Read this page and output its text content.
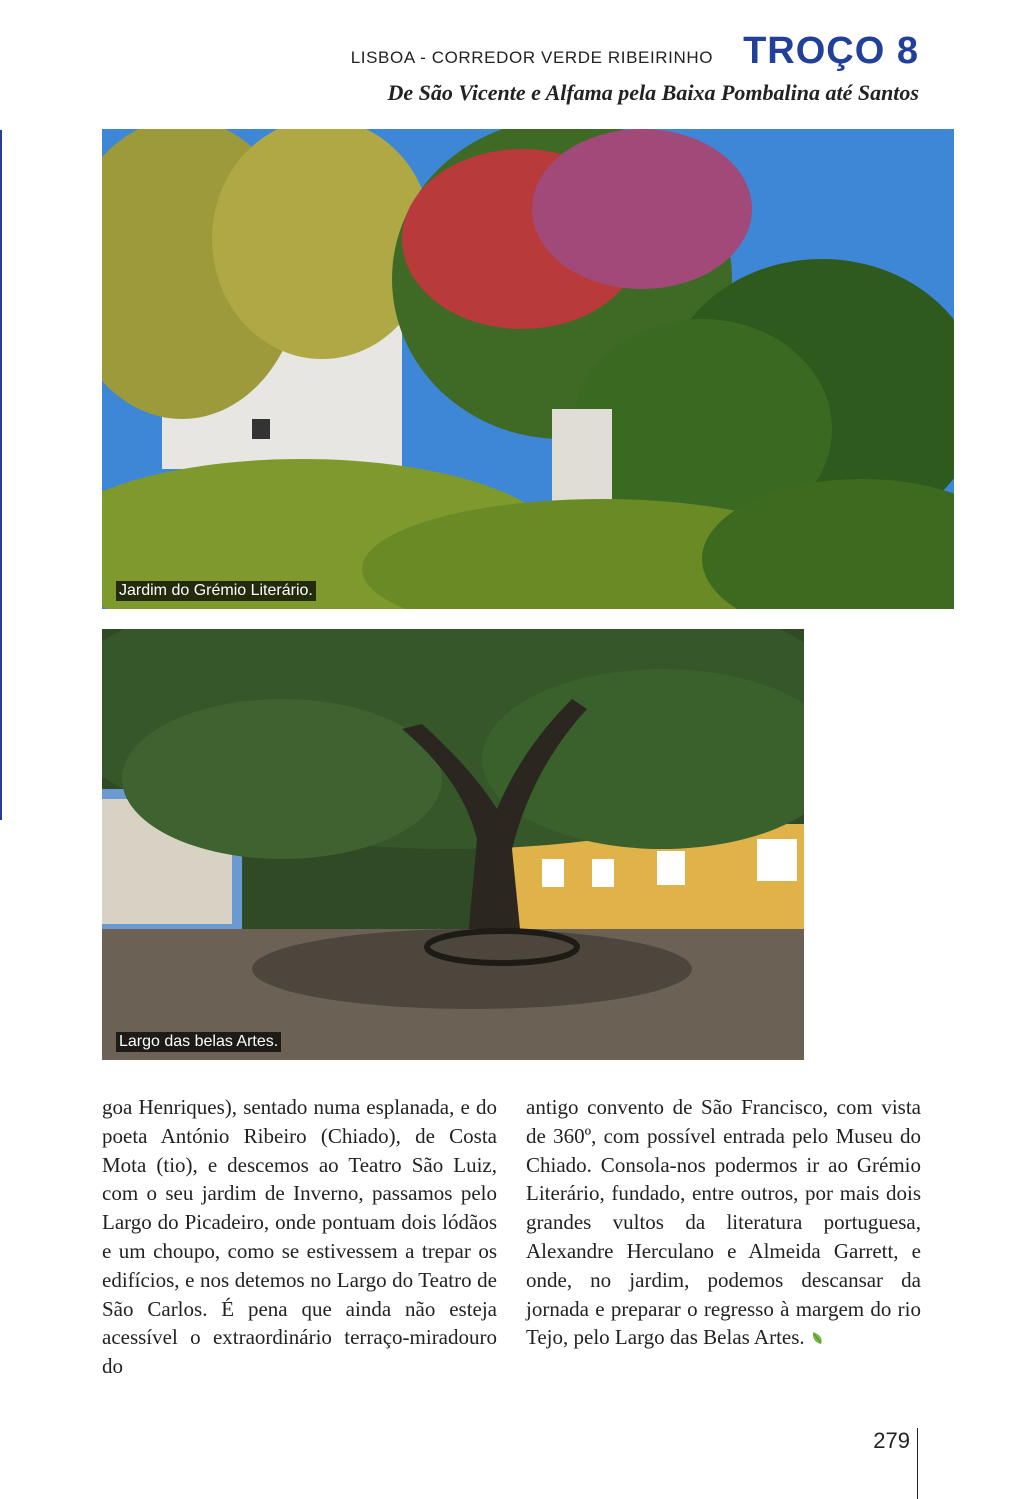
LISBOA - CORREDOR VERDE RIBEIRINHO TROÇO 8
De São Vicente e Alfama pela Baixa Pombalina até Santos
Jardim do Grémio Literário.
Largo das belas Artes.

goa Henriques), sentado numa esplanada, e do poeta António Ribeiro (Chiado), de Costa Mota (tio), e descemos ao Teatro São Luiz, com o seu jardim de Inverno, passamos pelo Largo do Picadeiro, onde pontuam dois lódãos e um choupo, como se estivessem a trepar os edifícios, e nos detemos no Largo do Teatro de São Carlos. É pena que ainda não esteja acessível o extraordinário terraço-miradouro do

antigo convento de São Francisco, com vista de 360º, com possível entrada pelo Museu do Chiado. Consola-nos podermos ir ao Grémio Literário, fundado, entre outros, por mais dois grandes vultos da literatura portuguesa, Alexandre Herculano e Almeida Garrett, e onde, no jardim, podemos descansar da jornada e preparar o regresso à margem do rio Tejo, pelo Largo das Belas Artes.

279
